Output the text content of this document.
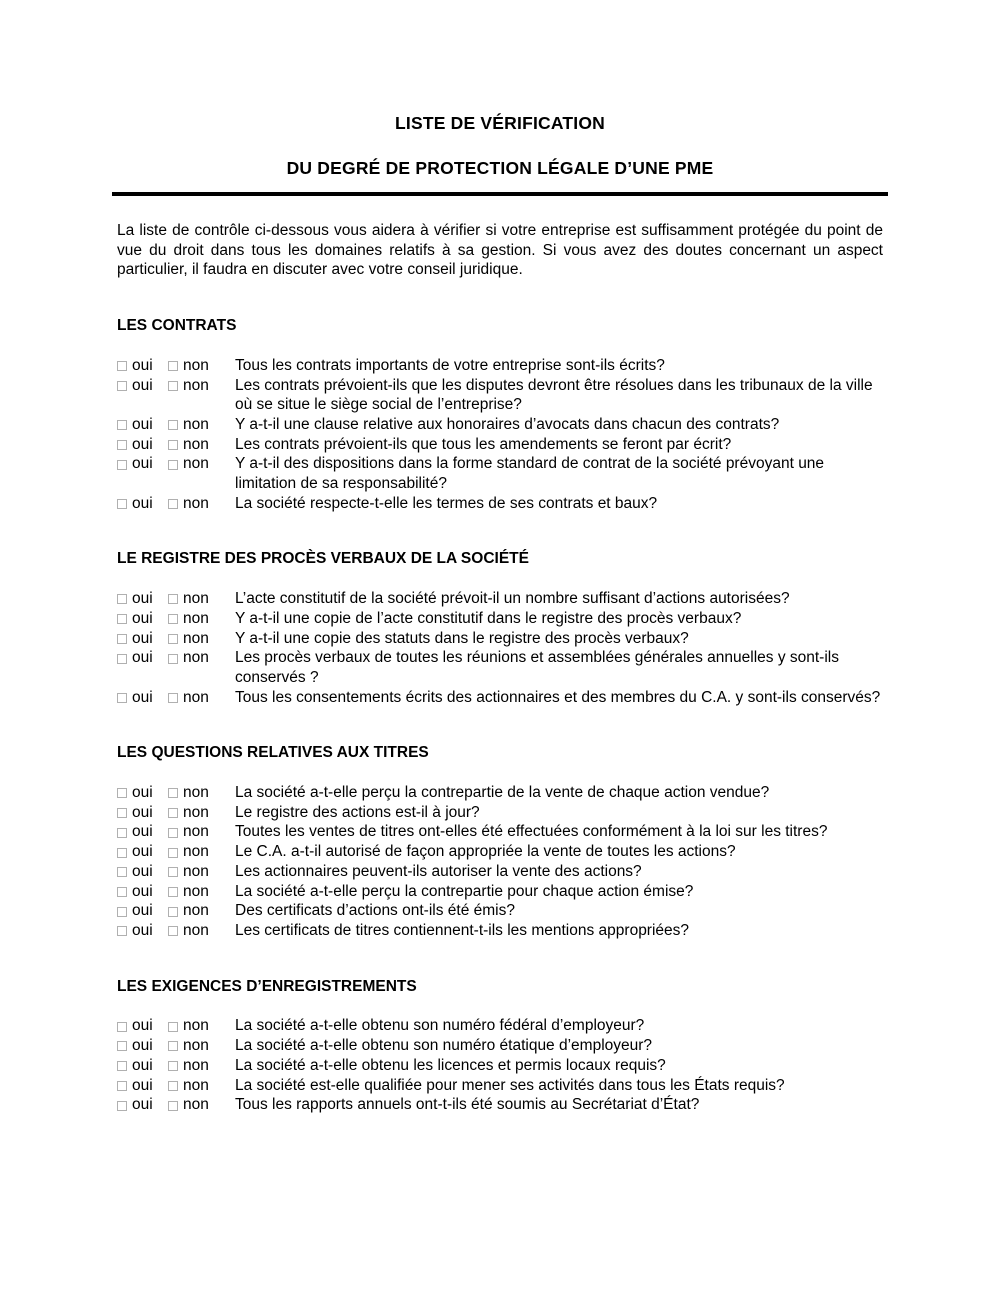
LISTE DE VÉRIFICATION
DU DEGRÉ DE PROTECTION LÉGALE D’UNE PME

La liste de contrôle ci-dessous vous aidera à vérifier si votre entreprise est suffisamment protégée du point de vue du droit dans tous les domaines relatifs à sa gestion. Si vous avez des doutes concernant un aspect particulier, il faudra en discuter avec votre conseil juridique.

LES CONTRATS
oui non Tous les contrats importants de votre entreprise sont-ils écrits?
oui non Les contrats prévoient-ils que les disputes devront être résolues dans les tribunaux de la ville où se situe le siège social de l’entreprise?
oui non Y a-t-il une clause relative aux honoraires d’avocats dans chacun des contrats?
oui non Les contrats prévoient-ils que tous les amendements se feront par écrit?
oui non Y a-t-il des dispositions dans la forme standard de contrat de la société prévoyant une limitation de sa responsabilité?
oui non La société respecte-t-elle les termes de ses contrats et baux?
LE REGISTRE DES PROCÈS VERBAUX DE LA SOCIÉTÉ
oui non L’acte constitutif de la société prévoit-il un nombre suffisant d’actions autorisées?
oui non Y a-t-il une copie de l’acte constitutif dans le registre des procès verbaux?
oui non Y a-t-il une copie des statuts dans le registre des procès verbaux?
oui non Les procès verbaux de toutes les réunions et assemblées générales annuelles y sont-ils conservés ?
oui non Tous les consentements écrits des actionnaires et des membres du C.A. y sont-ils conservés?
LES QUESTIONS RELATIVES AUX TITRES
oui non La société a-t-elle perçu la contrepartie de la vente de chaque action vendue?
oui non Le registre des actions est-il à jour?
oui non Toutes les ventes de titres ont-elles été effectuées conformément à la loi sur les titres?
oui non Le C.A. a-t-il autorisé de façon appropriée la vente de toutes les actions?
oui non Les actionnaires peuvent-ils autoriser la vente des actions?
oui non La société a-t-elle perçu la contrepartie pour chaque action émise?
oui non Des certificats d’actions ont-ils été émis?
oui non Les certificats de titres contiennent-t-ils les mentions appropriées?
LES EXIGENCES D’ENREGISTREMENTS
oui non La société a-t-elle obtenu son numéro fédéral d’employeur?
oui non La société a-t-elle obtenu son numéro étatique d’employeur?
oui non La société a-t-elle obtenu les licences et permis locaux requis?
oui non La société est-elle qualifiée pour mener ses activités dans tous les États requis?
oui non Tous les rapports annuels ont-t-ils été soumis au Secrétariat d’État?
